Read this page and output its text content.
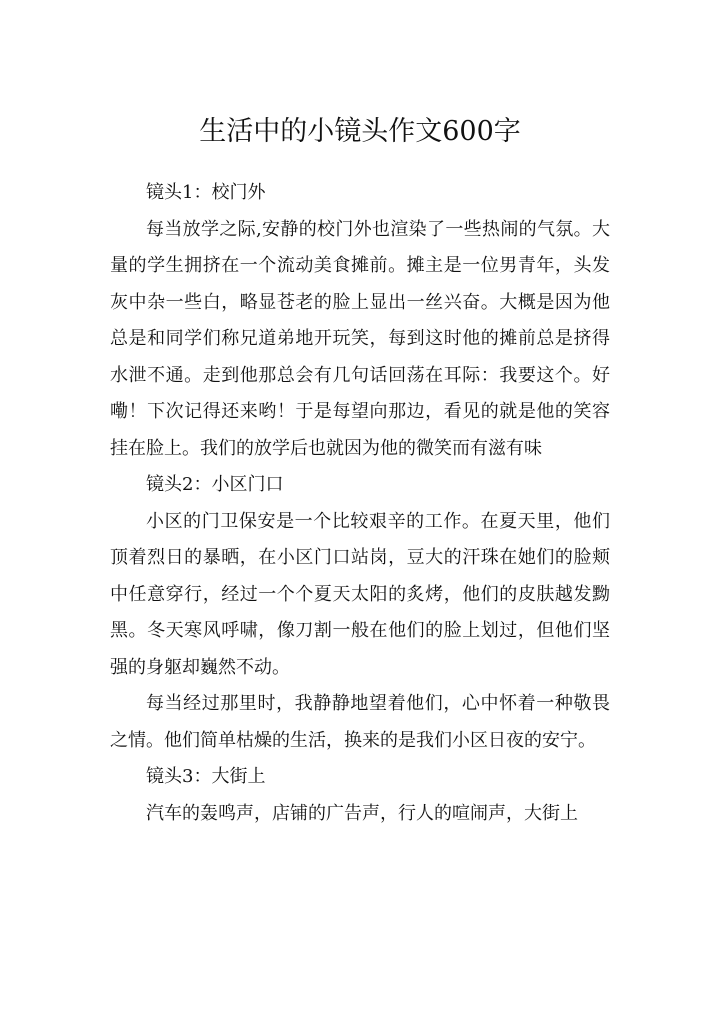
生活中的小镜头作文600字

镜头1：校门外

每当放学之际,安静的校门外也渲染了一些热闹的气氛。大量的学生拥挤在一个流动美食摊前。摊主是一位男青年，头发灰中杂一些白，略显苍老的脸上显出一丝兴奋。大概是因为他总是和同学们称兄道弟地开玩笑，每到这时他的摊前总是挤得水泄不通。走到他那总会有几句话回荡在耳际：我要这个。好嘞！下次记得还来哟！于是每望向那边，看见的就是他的笑容挂在脸上。我们的放学后也就因为他的微笑而有滋有味

镜头2：小区门口

小区的门卫保安是一个比较艰辛的工作。在夏天里，他们顶着烈日的暴晒，在小区门口站岗，豆大的汗珠在她们的脸颊中任意穿行，经过一个个夏天太阳的炙烤，他们的皮肤越发黝黑。冬天寒风呼啸，像刀割一般在他们的脸上划过，但他们坚强的身躯却巍然不动。

每当经过那里时，我静静地望着他们，心中怀着一种敬畏之情。他们简单枯燥的生活，换来的是我们小区日夜的安宁。

镜头3：大街上

汽车的轰鸣声，店铺的广告声，行人的喧闹声，大街上
